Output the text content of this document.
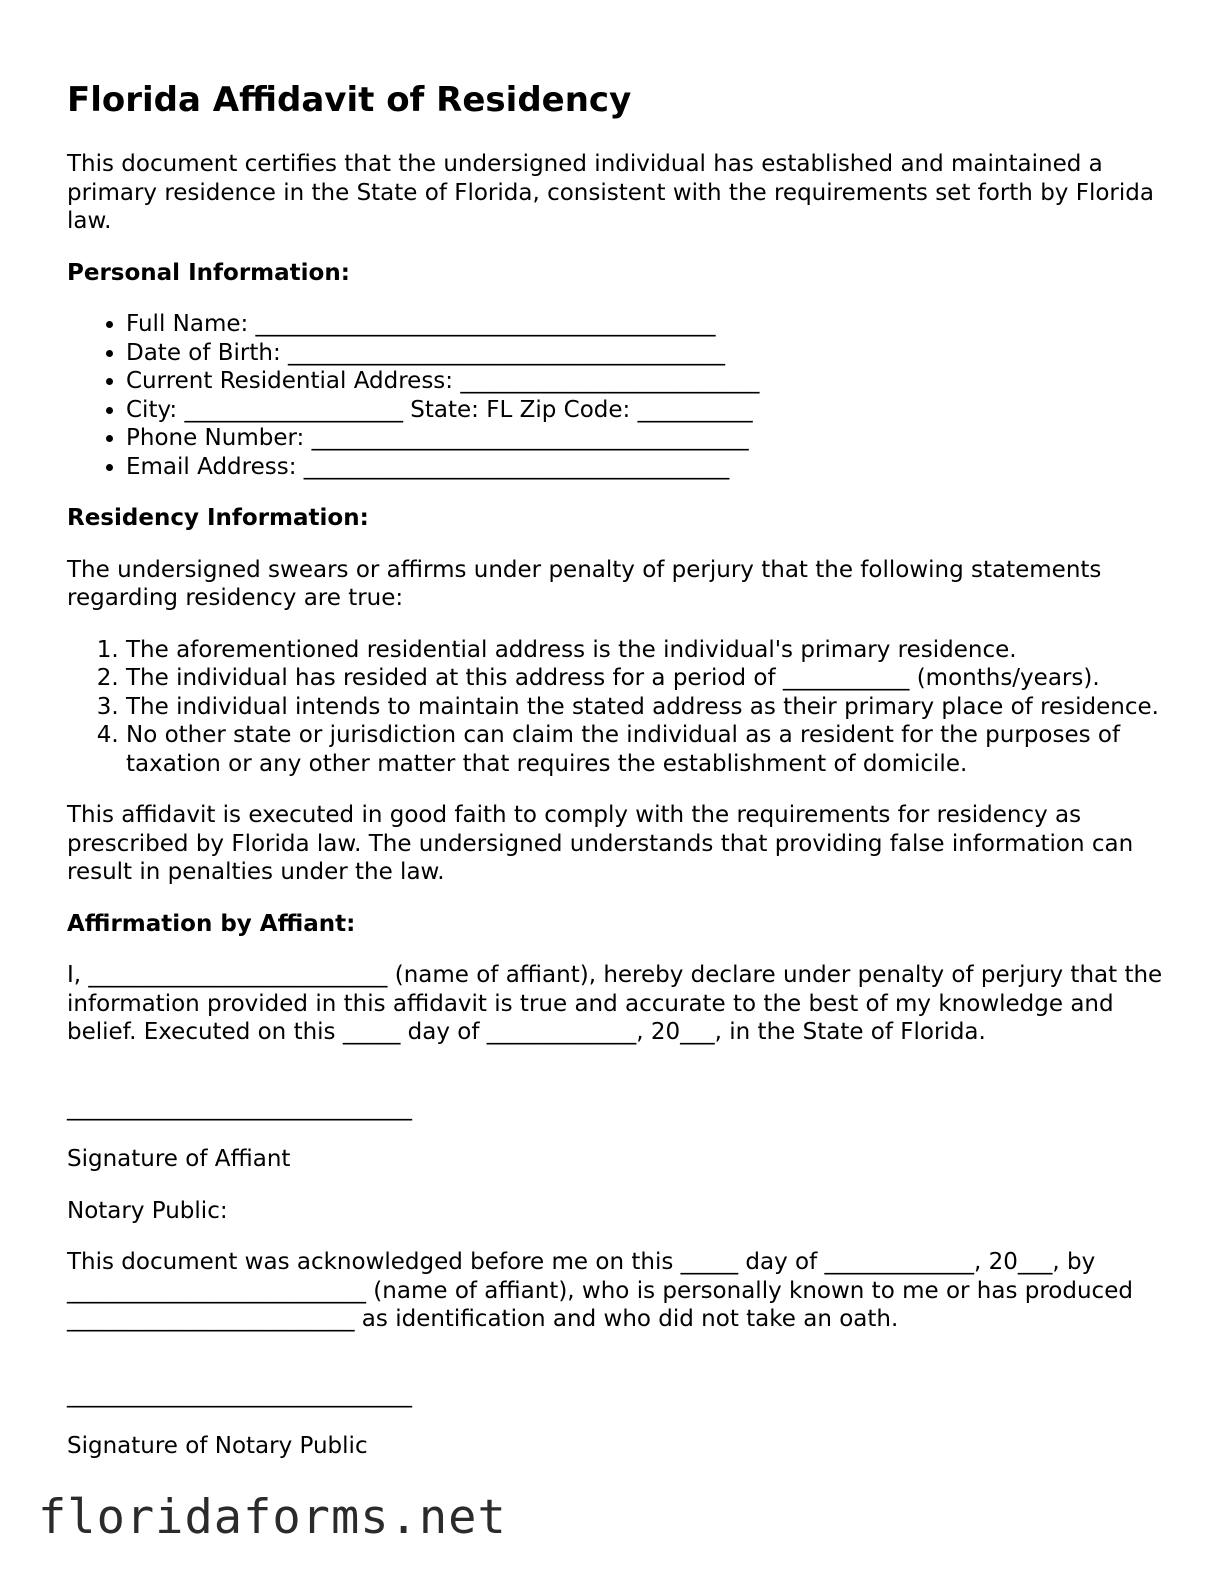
Florida Affidavit of Residency

This document certifies that the undersigned individual has established and maintained a primary residence in the State of Florida, consistent with the requirements set forth by Florida law.

Personal Information:
• Full Name: ________________________________________
• Date of Birth: ______________________________________
• Current Residential Address: __________________________
• City: ___________________ State: FL Zip Code: __________
• Phone Number: ______________________________________
• Email Address: _____________________________________
Residency Information:

The undersigned swears or affirms under penalty of perjury that the following statements regarding residency are true:

1. The aforementioned residential address is the individual's primary residence.
2. The individual has resided at this address for a period of ___________ (months/years).
3. The individual intends to maintain the stated address as their primary place of residence.
4. No other state or jurisdiction can claim the individual as a resident for the purposes of taxation or any other matter that requires the establishment of domicile.

This affidavit is executed in good faith to comply with the requirements for residency as prescribed by Florida law. The undersigned understands that providing false information can result in penalties under the law.

Affirmation by Affiant:

I, __________________________ (name of affiant), hereby declare under penalty of perjury that the information provided in this affidavit is true and accurate to the best of my knowledge and belief. Executed on this _____ day of _____________, 20___, in the State of Florida.

______________________________

Signature of Affiant

Notary Public:

This document was acknowledged before me on this _____ day of _____________, 20___, by __________________________ (name of affiant), who is personally known to me or has produced _________________________ as identification and who did not take an oath.

______________________________

Signature of Notary Public

floridaforms.net
